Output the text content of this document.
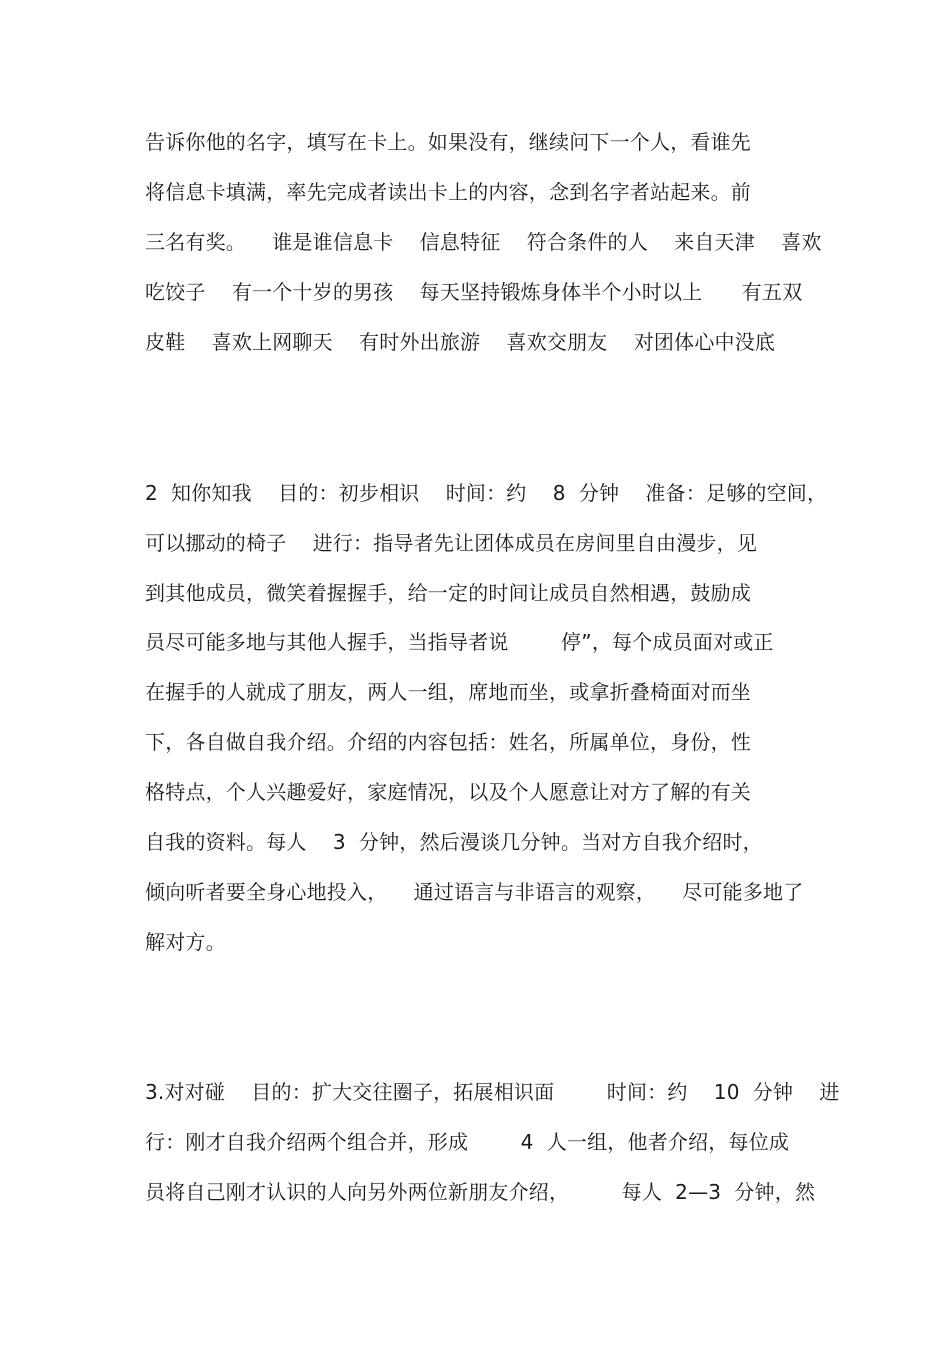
告诉你他的名字，填写在卡上。如果没有，继续问下一个人，看谁先
将信息卡填满，率先完成者读出卡上的内容，念到名字者站起来。前
三名有奖。    谁是谁信息卡    信息特征    符合条件的人    来自天津    喜欢
吃饺子    有一个十岁的男孩    每天坚持锻炼身体半个小时以上      有五双
皮鞋    喜欢上网聊天    有时外出旅游    喜欢交朋友    对团体心中没底
2  知你知我    目的：初步相识    时间：约    8  分钟    准备：足够的空间，
可以挪动的椅子    进行：指导者先让团体成员在房间里自由漫步，见
到其他成员，微笑着握握手，给一定的时间让成员自然相遇，鼓励成
员尽可能多地与其他人握手，当指导者说        停”，每个成员面对或正
在握手的人就成了朋友，两人一组，席地而坐，或拿折叠椅面对而坐
下，各自做自我介绍。介绍的内容包括：姓名，所属单位，身份，性
格特点，个人兴趣爱好，家庭情况，以及个人愿意让对方了解的有关
自我的资料。每人    3  分钟，然后漫谈几分钟。当对方自我介绍时，
倾向听者要全身心地投入，    通过语言与非语言的观察，    尽可能多地了
解对方。
3.对对碰    目的：扩大交往圈子，拓展相识面        时间：约    10  分钟    进
行：刚才自我介绍两个组合并，形成        4  人一组，他者介绍，每位成
员将自己刚才认识的人向另外两位新朋友介绍，        每人  2—3  分钟，然
